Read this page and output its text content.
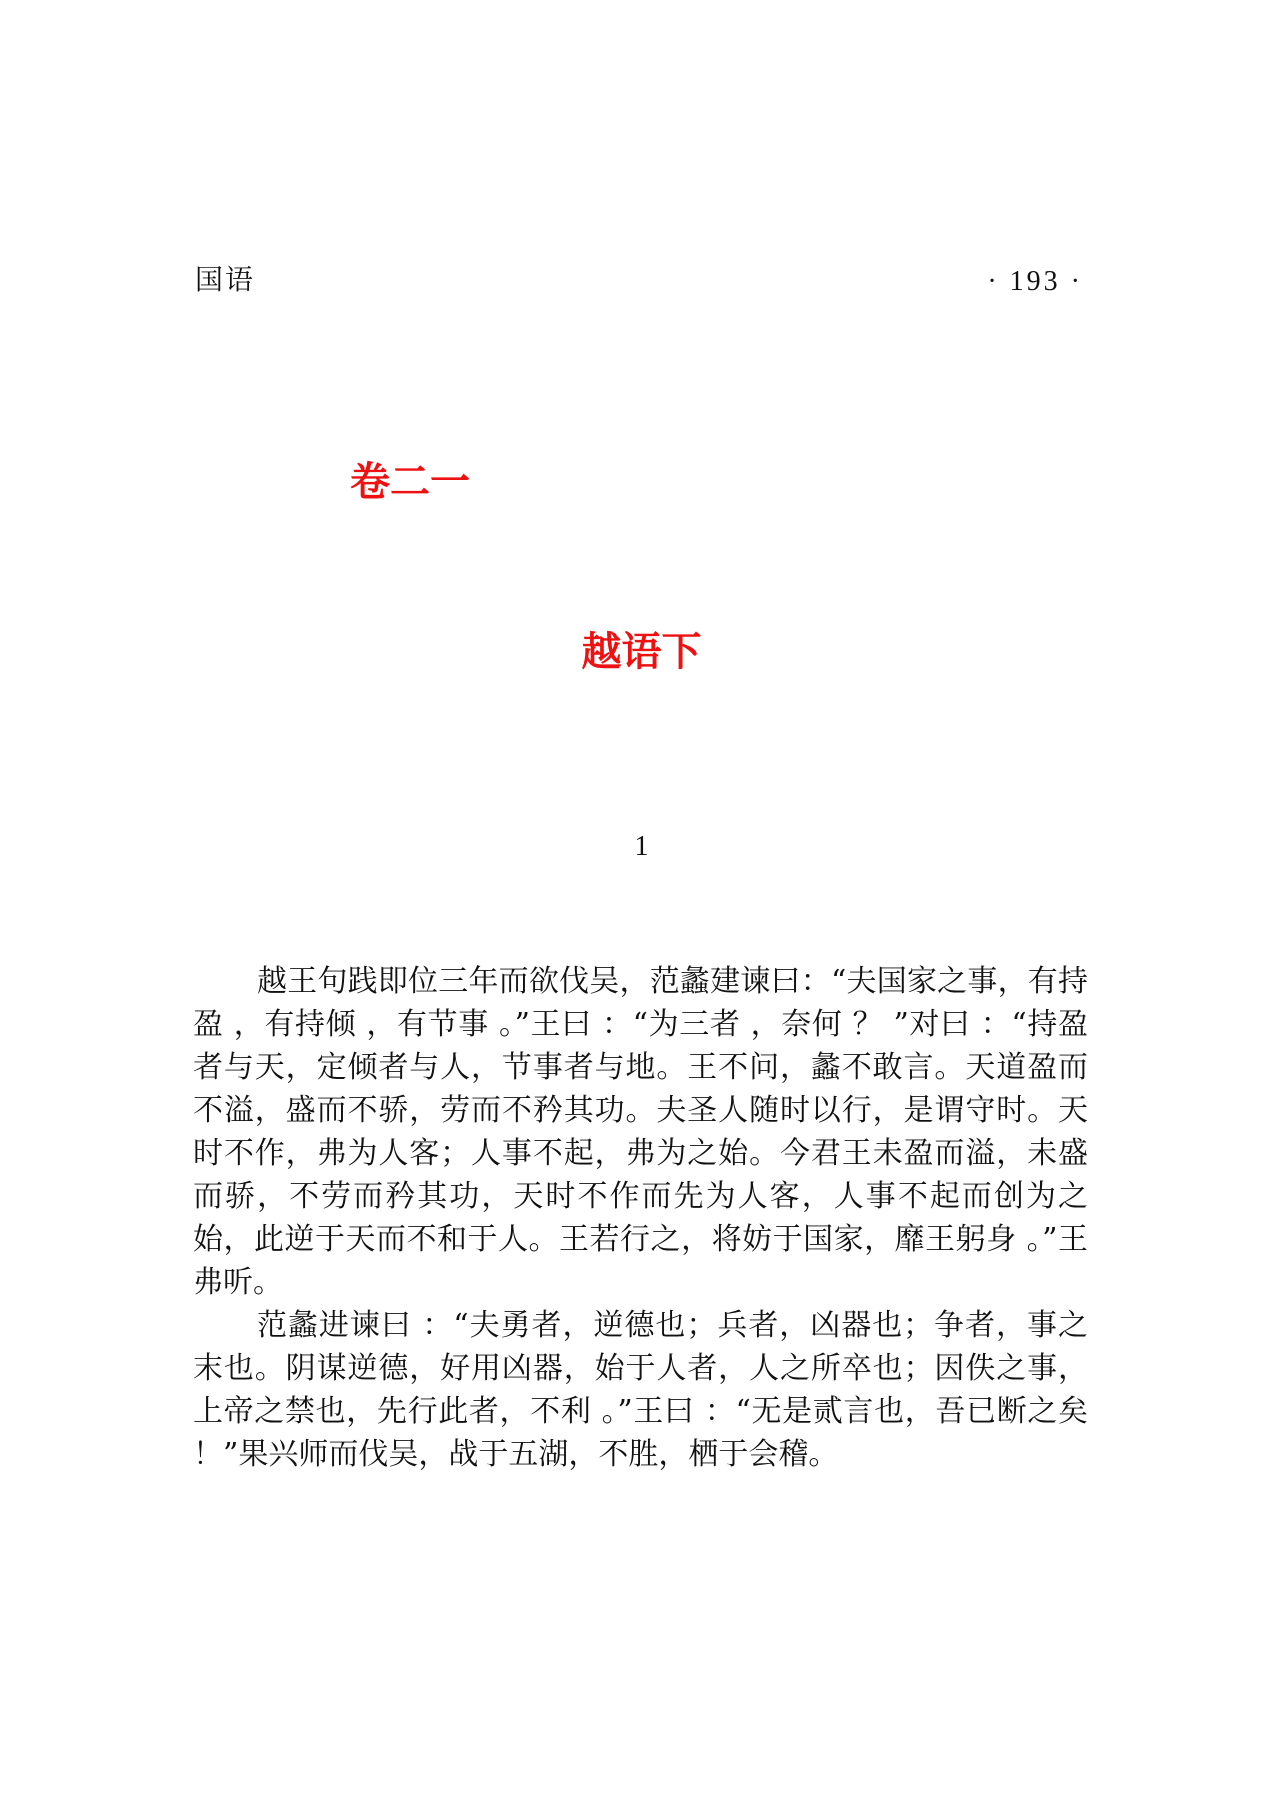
国语	· 193 ·
卷二一
越语下
1

越王句践即位三年而欲伐吴，范蠡建谏曰：“夫国家之事，有持盈 ，有持倾 ，有节事 。”王曰 ：“为三者 ，奈何 ？ ”对曰 ：“持盈者与天，定倾者与人，节事者与地。王不问，蠡不敢言。天道盈而不溢，盛而不骄，劳而不矜其功。夫圣人随时以行，是谓守时。天时不作，弗为人客；人事不起，弗为之始。今君王未盈而溢，未盛而骄，不劳而矜其功，天时不作而先为人客，人事不起而创为之始，此逆于天而不和于人。王若行之，将妨于国家，靡王躬身 。”王弗听。

范蠡进谏曰 ：“夫勇者，逆德也；兵者，凶器也；争者，事之末也。阴谋逆德，好用凶器，始于人者，人之所卒也；因佚之事，上帝之禁也，先行此者，不利 。”王曰 ：“无是贰言也，吾已断之矣 ！”果兴师而伐吴，战于五湖，不胜，栖于会稽。
